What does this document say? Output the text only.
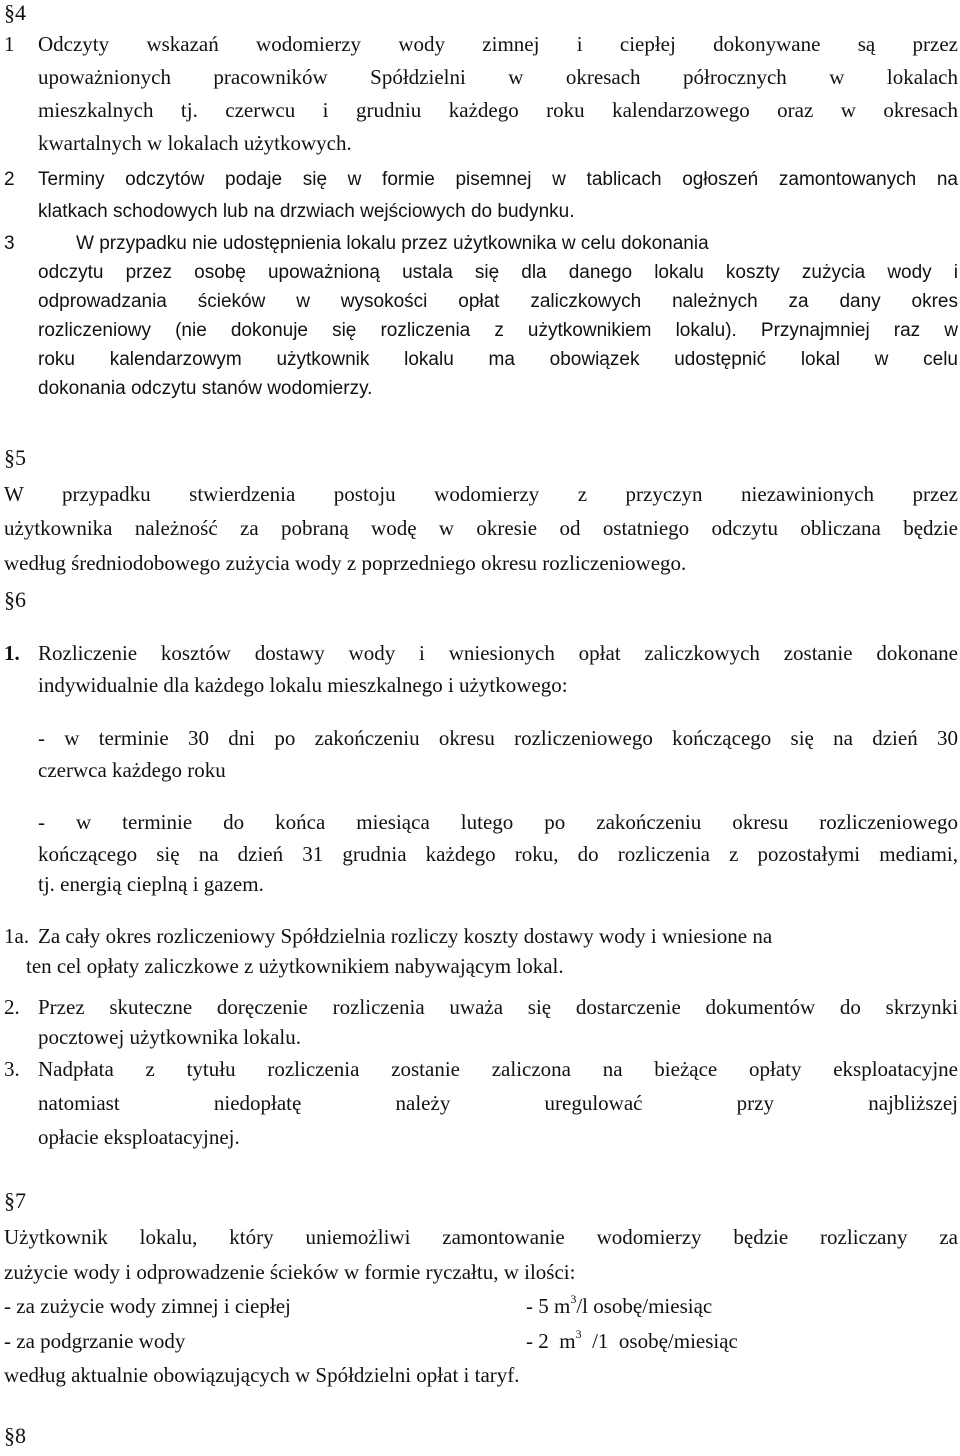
§4
1 Odczyty wskazań wodomierzy wody zimnej i ciepłej dokonywane są przez
upoważnionych pracowników Spółdzielni w okresach półrocznych w lokalach
mieszkalnych tj. czerwcu i grudniu każdego roku kalendarzowego oraz w okresach
kwartalnych w lokalach użytkowych.
2 Terminy odczytów podaje się w formie pisemnej w tablicach ogłoszeń zamontowanych na
klatkach schodowych lub na drzwiach wejściowych do budynku.
3	W przypadku nie udostępnienia lokalu przez użytkownika w celu dokonania
odczytu przez osobę upoważnioną ustala się dla danego lokalu koszty zużycia wody i
odprowadzania ścieków w wysokości opłat zaliczkowych należnych za dany okres
rozliczeniowy (nie dokonuje się rozliczenia z użytkownikiem lokalu). Przynajmniej raz w
roku kalendarzowym użytkownik lokalu ma obowiązek udostępnić lokal w celu
dokonania odczytu stanów wodomierzy.
§5
W przypadku stwierdzenia postoju wodomierzy z przyczyn niezawinionych przez
użytkownika należność za pobraną wodę w okresie od ostatniego odczytu obliczana będzie
według średniodobowego zużycia wody z poprzedniego okresu rozliczeniowego.
§6
1. Rozliczenie kosztów dostawy wody i wniesionych opłat zaliczkowych zostanie dokonane
indywidualnie dla każdego lokalu mieszkalnego i użytkowego:
- w terminie 30 dni po zakończeniu okresu rozliczeniowego kończącego się na dzień 30
czerwca każdego roku
- w terminie do końca miesiąca lutego po zakończeniu okresu rozliczeniowego
kończącego się na dzień 31 grudnia każdego roku, do rozliczenia z pozostałymi mediami,
tj. energią cieplną i gazem.
1a. Za cały okres rozliczeniowy Spółdzielnia rozliczy koszty dostawy wody i wniesione na
ten cel opłaty zaliczkowe z użytkownikiem nabywającym lokal.
2. Przez skuteczne doręczenie rozliczenia uważa się dostarczenie dokumentów do skrzynki
pocztowej użytkownika lokalu.
3. Nadpłata z tytułu rozliczenia zostanie zaliczona na bieżące opłaty eksploatacyjne
natomiast niedopłatę należy uregulować przy najbliższej
opłacie eksploatacyjnej.
§7
Użytkownik lokalu, który uniemożliwi zamontowanie wodomierzy będzie rozliczany za
zużycie wody i odprowadzenie ścieków w formie ryczałtu, w ilości:
- za zużycie wody zimnej i ciepłej	- 5 $m^3/l$ osobę/miesiąc
- za podgrzanie wody	- 2  $m^3$  /1  osobę/miesiąc
według aktualnie obowiązujących w Spółdzielni opłat i taryf.
§8
